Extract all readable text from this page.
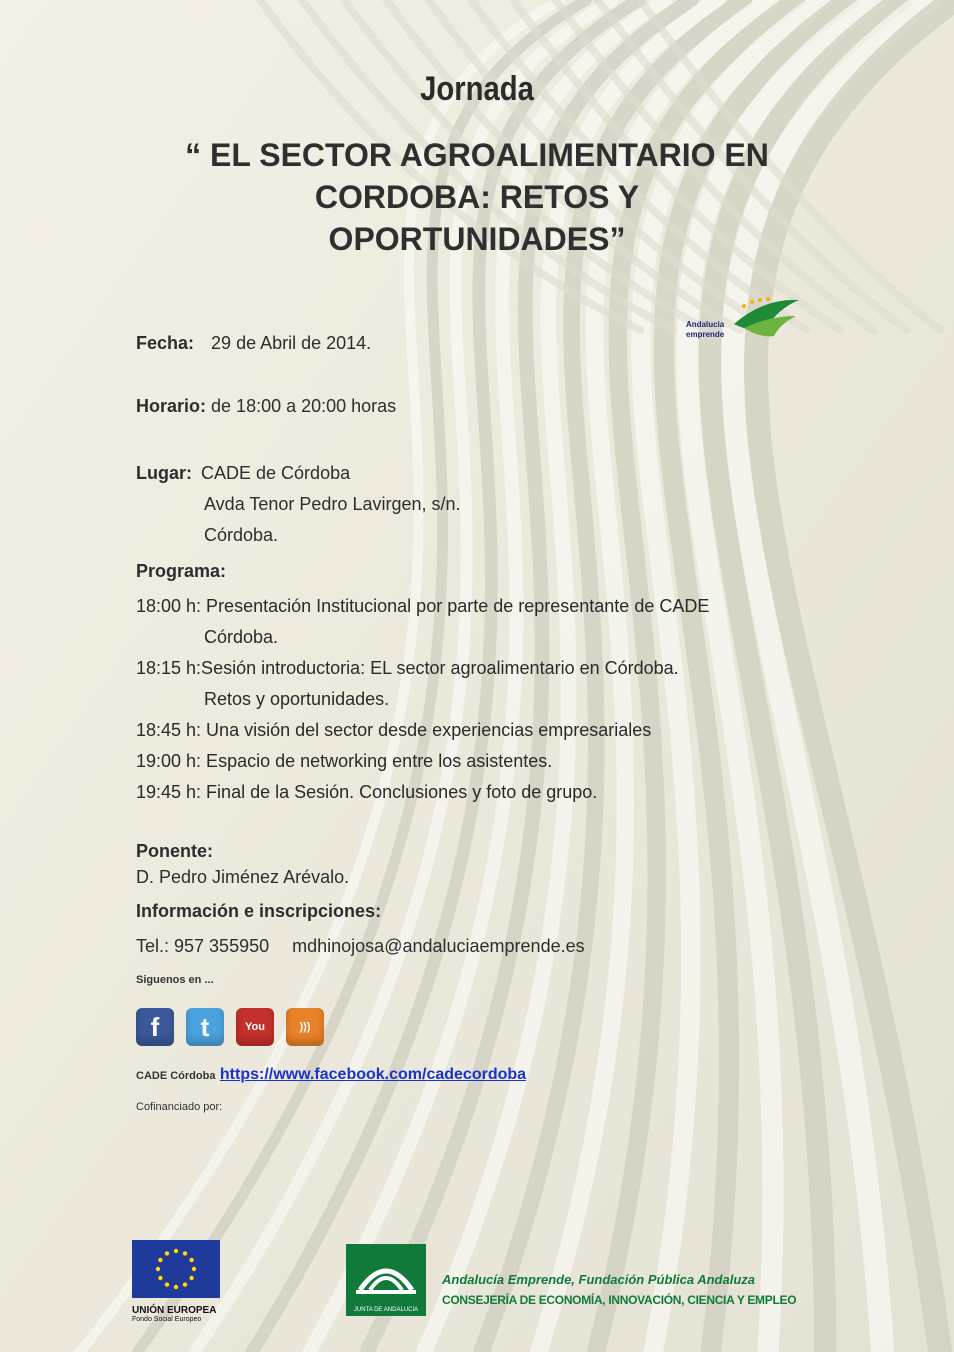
Jornada
“ EL SECTOR AGROALIMENTARIO EN
CORDOBA: RETOS Y
OPORTUNIDADES”
Andalucía
emprende
Fecha: 29 de Abril de 2014.
Horario: de 18:00 a 20:00 horas
Lugar: CADE de Córdoba
Avda Tenor Pedro Lavirgen, s/n.
Córdoba.
Programa:
18:00 h: Presentación Institucional por parte de representante de CADE
Córdoba.
18:15 h:Sesión introductoria: EL sector agroalimentario en Córdoba.
Retos y oportunidades.
18:45 h: Una visión del sector desde experiencias empresariales
19:00 h: Espacio de networking entre los asistentes.
19:45 h: Final de la Sesión. Conclusiones y foto de grupo.
Ponente:
D. Pedro Jiménez Arévalo.
Información e inscripciones:
Tel.: 957 355950 mdhinojosa@andaluciaemprende.es
Siguenos en ...
f	t	You	)))
CADE Córdoba https://www.facebook.com/cadecordoba
Cofinanciado por:
UNIÓN EUROPEA
Fondo Social Europeo
JUNTA DE ANDALUCIA
Andalucía Emprende, Fundación Pública Andaluza
CONSEJERÍA DE ECONOMÍA, INNOVACIÓN, CIENCIA Y EMPLEO
